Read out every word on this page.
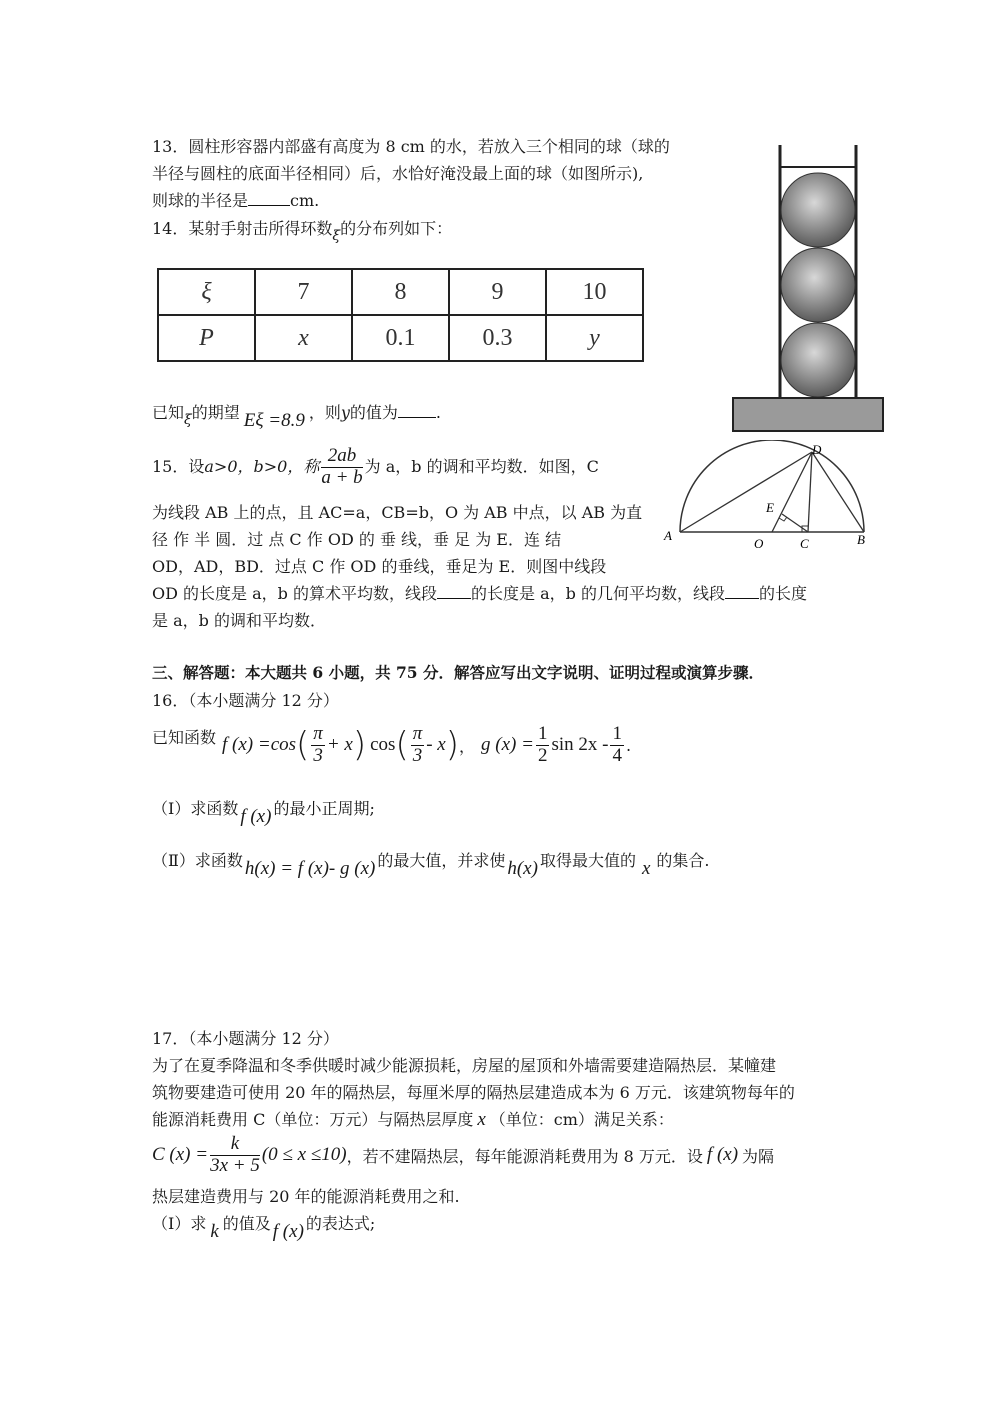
13．圆柱形容器内部盛有高度为 8 cm 的水，若放入三个相同的球（球的
半径与圆柱的底面半径相同）后，水恰好淹没最上面的球（如图所示),
则球的半径是	cm.
14．某射手射击所得环数ξ的分布列如下：
ξ	7	8	9	10
P	x	0.1	0.3	y
已知ξ的期望 Eξ =8.9 ，则y的值为 .
15．设a>0，b>0，称 $\frac{2ab}{a + b}$ 为 a，b 的调和平均数．如图，C
为线段 AB 上的点，且 AC=a，CB=b，O 为 AB 中点，以 AB 为直
径 作 半 圆．过 点 C 作 OD 的 垂 线，垂 足 为 E．连 结
OD，AD，BD．过点 C 作 OD 的垂线，垂足为 E．则图中线段
OD 的长度是 a，b 的算术平均数，线段 的长度是 a，b 的几何平均数，线段 的长度
是 a，b 的调和平均数．
A	B
C
D
E
O
三、解答题：本大题共 6 小题，共 75 分．解答应写出文字说明、证明过程或演算步骤．
16．（本小题满分 12 分）
已知函数 f (x) =cos ( $\frac{\pi}{3} + x$ ) cos ( $\frac{\pi}{3}$ - x ) ， g $(x) = \frac{1}{2}$ $\sin 2x - \frac{1}{4}$ .
（Ⅰ）求函数 f (x) 的最小正周期;
（Ⅱ）求函数 h(x) = f (x)- g (x) 的最大值，并求使 h(x) 取得最大值的 x 的集合.
17．（本小题满分 12 分）
为了在夏季降温和冬季供暖时减少能源损耗，房屋的屋顶和外墙需要建造隔热层．某幢建
筑物要建造可使用 20 年的隔热层，每厘米厚的隔热层建造成本为 6 万元．该建筑物每年的
能源消耗费用 C（单位：万元）与隔热层厚度 x （单位：cm）满足关系：
C $(x) = \frac{k}{3x + 5} (0 \le x \le 10)$ ，若不建隔热层，每年能源消耗费用为 8 万元．设 f (x) 为隔
热层建造费用与 20 年的能源消耗费用之和.
（Ⅰ）求 k 的值及 f (x) 的表达式;
